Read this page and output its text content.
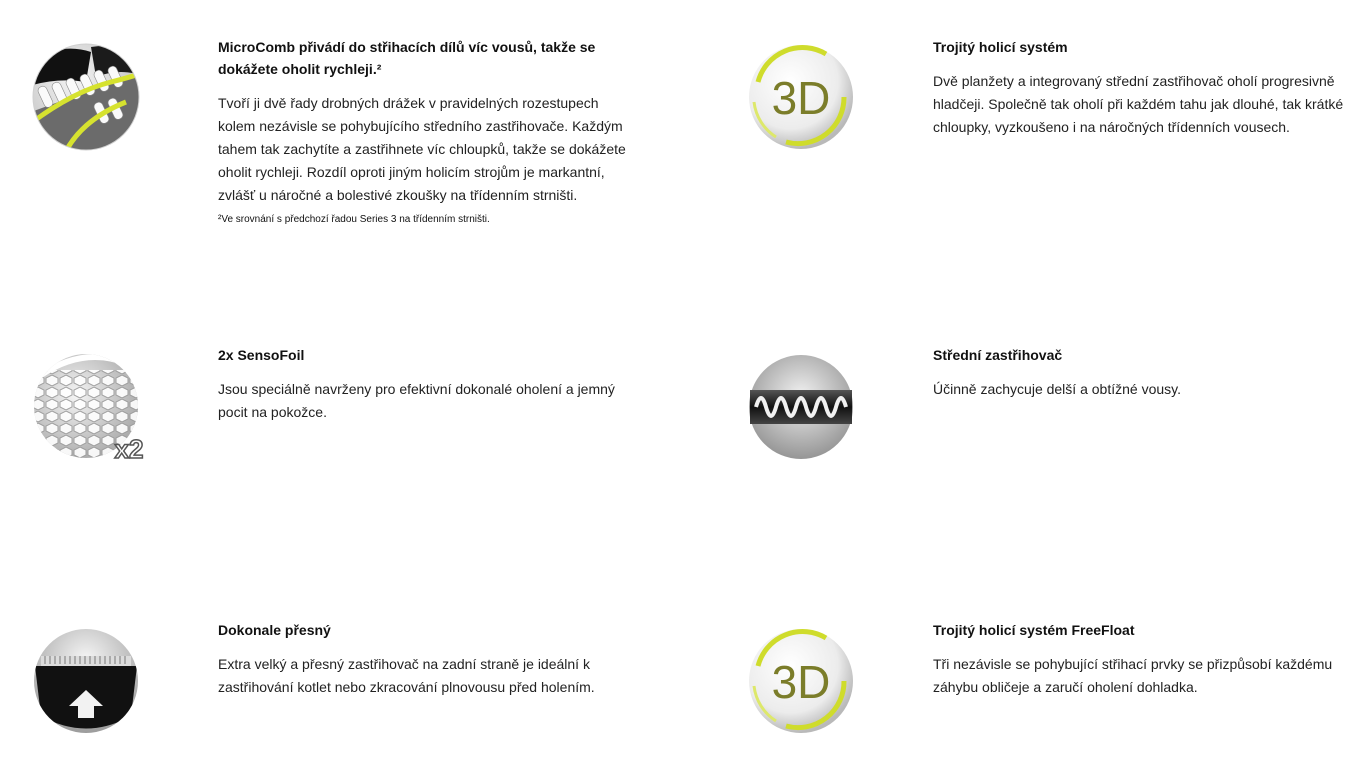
MicroComb přivádí do střihacích dílů víc vousů, takže se dokážete oholit rychleji.²

Tvoří ji dvě řady drobných drážek v pravidelných rozestupech kolem nezávisle se pohybujícího středního zastřihovače. Každým tahem tak zachytíte a zastřihnete víc chloupků, takže se dokážete oholit rychleji. Rozdíl oproti jiným holicím strojům je markantní, zvlášť u náročné a bolestivé zkoušky na třídenním strništi.

²Ve srovnání s předchozí řadou Series 3 na třídenním strništi.
3D
Trojitý holicí systém

Dvě planžety a integrovaný střední zastřihovač oholí progresivně hladčeji. Společně tak oholí při každém tahu jak dlouhé, tak krátké chloupky, vyzkoušeno i na náročných třídenních vousech.

x2
2x SensoFoil

Jsou speciálně navrženy pro efektivní dokonalé oholení a jemný pocit na pokožce.

Střední zastřihovač

Účinně zachycuje delší a obtížné vousy.

Dokonale přesný

Extra velký a přesný zastřihovač na zadní straně je ideální k zastřihování kotlet nebo zkracování plnovousu před holením.	3D
Trojitý holicí systém FreeFloat

Tři nezávisle se pohybující střihací prvky se přizpůsobí každému záhybu obličeje a zaručí oholení dohladka.
